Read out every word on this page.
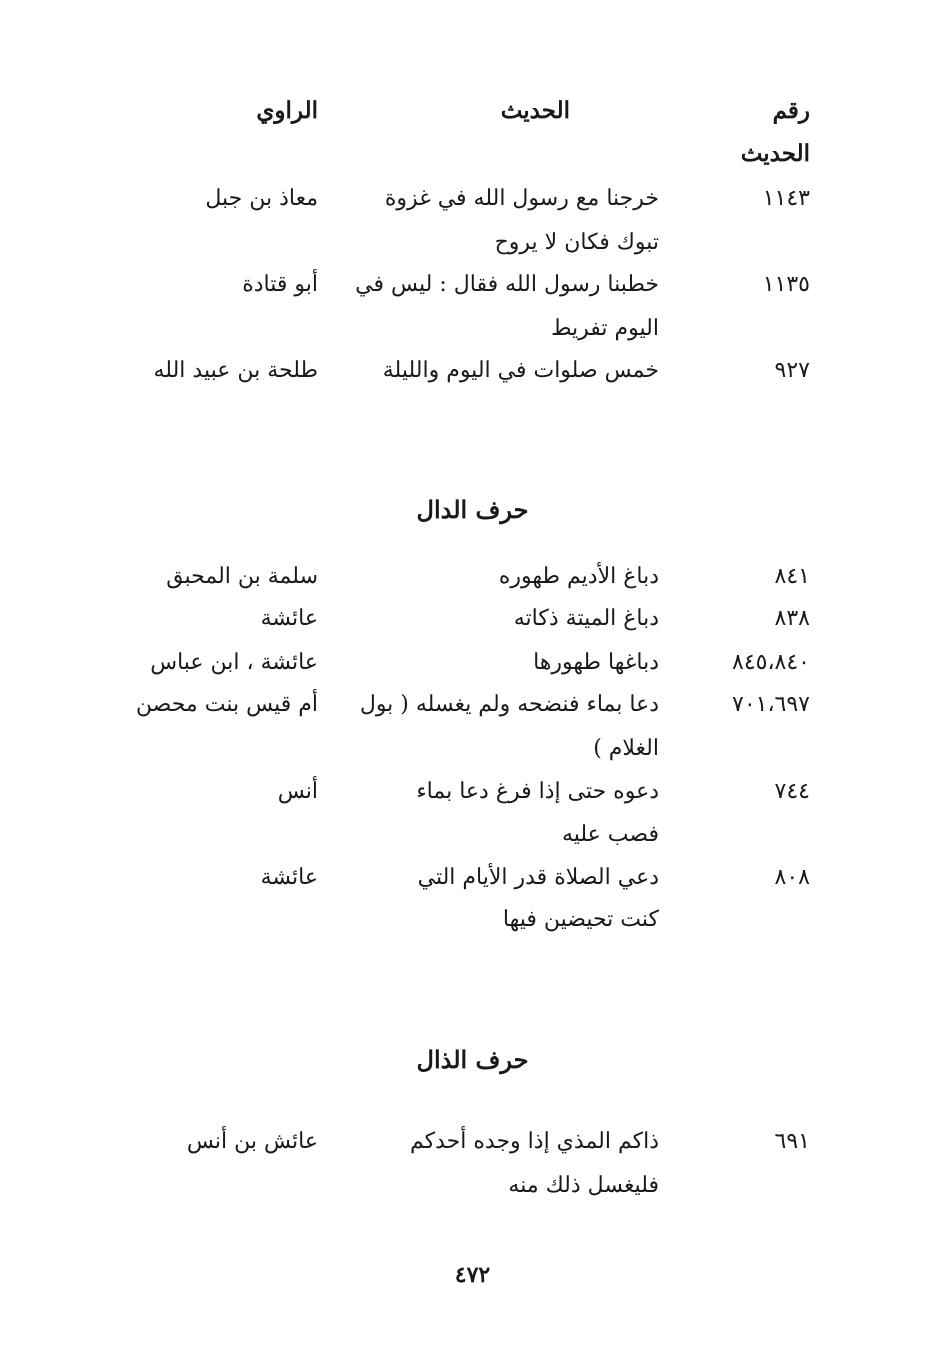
رقم
الحديث
الحديث
الراوي
١١٤٣
خرجنا مع رسول الله في غزوة
تبوك فكان لا يروح
معاذ بن جبل
١١٣٥
خطبنا رسول الله فقال : ليس في
اليوم تفريط
أبو قتادة
٩٢٧
خمس صلوات في اليوم والليلة
طلحة بن عبيد الله
حرف الدال
٨٤١
دباغ الأديم طهوره
سلمة بن المحبق
٨٣٨
دباغ الميتة ذكاته
عائشة
٨٤٥،٨٤٠
دباغها طهورها
عائشة ، ابن عباس
٧٠١،٦٩٧
دعا بماء فنضحه ولم يغسله ( بول
الغلام )
أم قيس بنت محصن
٧٤٤
دعوه حتى إذا فرغ دعا بماء
فصب عليه
أنس
٨٠٨
دعي الصلاة قدر الأيام التي
كنت تحيضين فيها
عائشة
حرف الذال
٦٩١
ذاكم المذي إذا وجده أحدكم
فليغسل ذلك منه
عائش بن أنس
٤٧٢
